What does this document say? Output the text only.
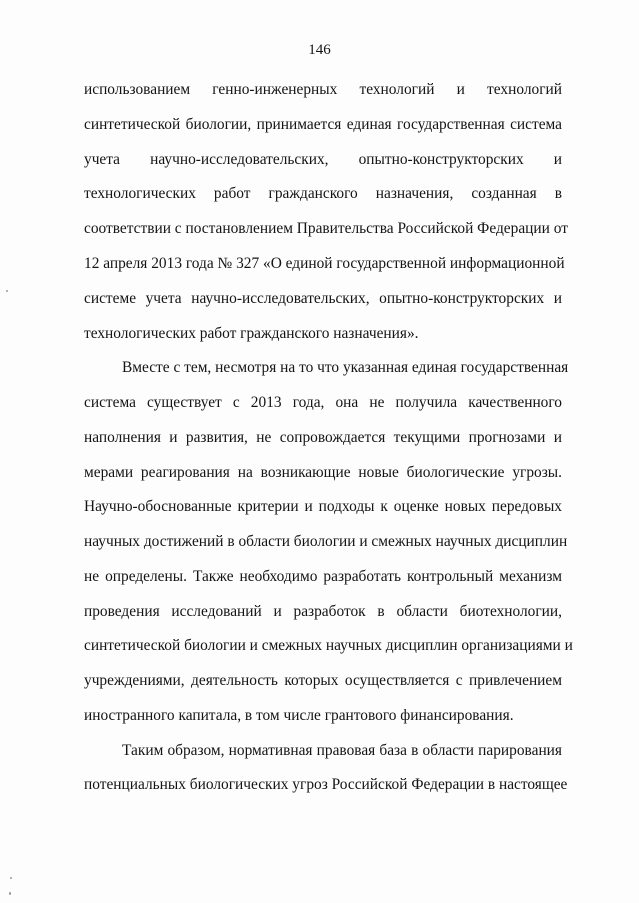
146
использованием генно-инженерных технологий и технологий
синтетической биологии, принимается единая государственная система
учета научно-исследовательских, опытно-конструкторских и
технологических работ гражданского назначения, созданная в
соответствии с постановлением Правительства Российской Федерации от
12 апреля 2013 года № 327 «О единой государственной информационной
системе учета научно-исследовательских, опытно-конструкторских и
технологических работ гражданского назначения».
Вместе с тем, несмотря на то что указанная единая государственная
система существует с 2013 года, она не получила качественного
наполнения и развития, не сопровождается текущими прогнозами и
мерами реагирования на возникающие новые биологические угрозы.
Научно-обоснованные критерии и подходы к оценке новых передовых
научных достижений в области биологии и смежных научных дисциплин
не определены. Также необходимо разработать контрольный механизм
проведения исследований и разработок в области биотехнологии,
синтетической биологии и смежных научных дисциплин организациями и
учреждениями, деятельность которых осуществляется с привлечением
иностранного капитала, в том числе грантового финансирования.
Таким образом, нормативная правовая база в области парирования
потенциальных биологических угроз Российской Федерации в настоящее
